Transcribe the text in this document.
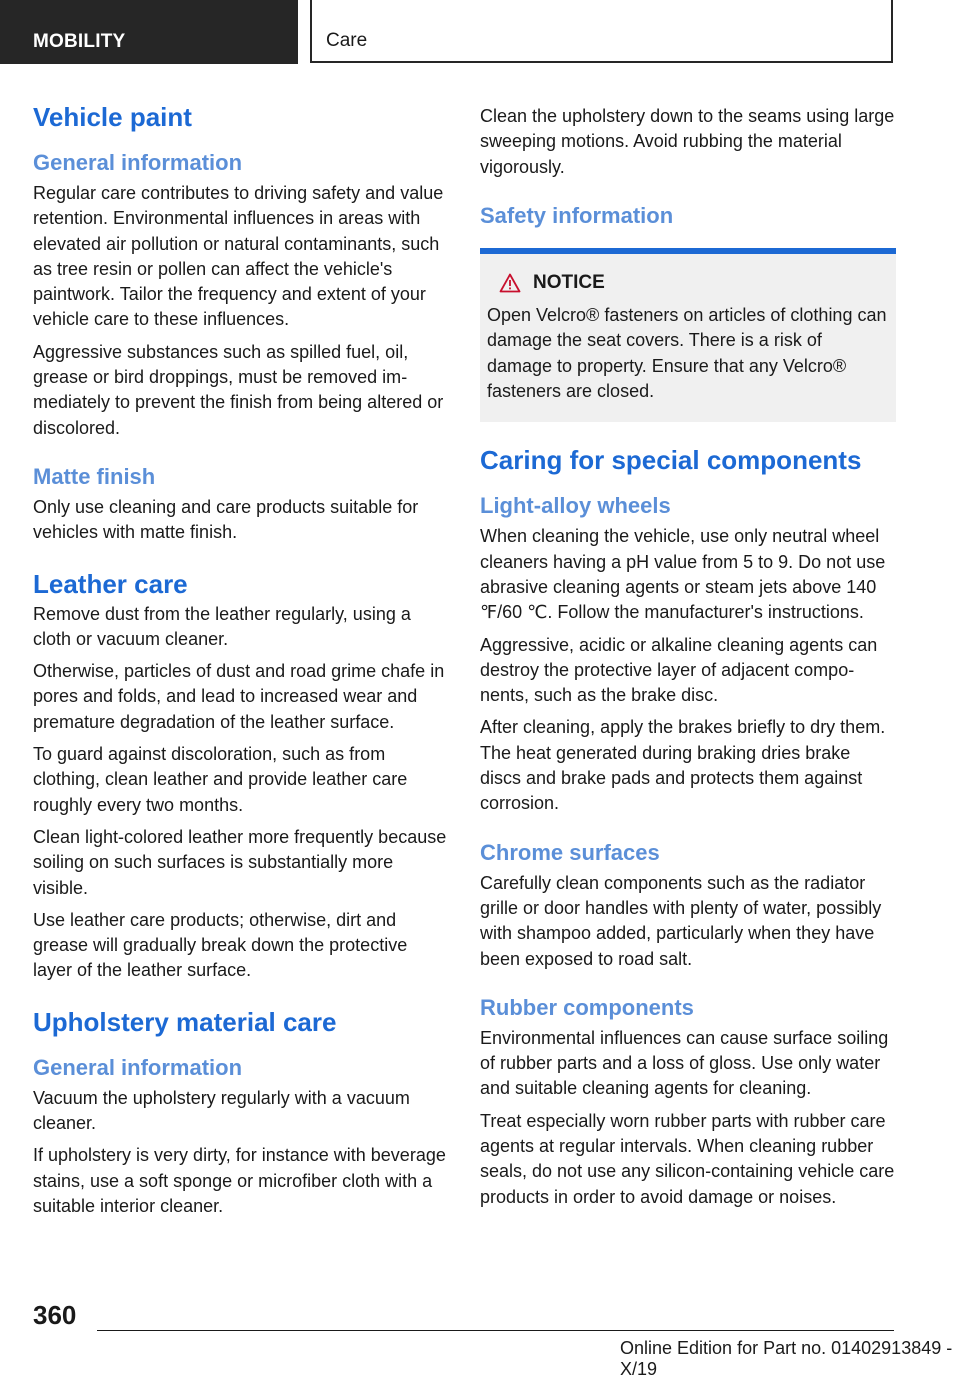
MOBILITY	Care
Vehicle paint
General information

Regular care contributes to driving safety and value retention. Environmental influences in areas with elevated air pollution or natural contaminants, such as tree resin or pollen can affect the vehicle's paintwork. Tailor the frequency and extent of your vehicle care to these influences.

Aggressive substances such as spilled fuel, oil, grease or bird droppings, must be removed immediately to prevent the finish from being altered or discolored.

Matte finish

Only use cleaning and care products suitable for vehicles with matte finish.

Leather care

Remove dust from the leather regularly, using a cloth or vacuum cleaner.

Otherwise, particles of dust and road grime chafe in pores and folds, and lead to increased wear and premature degradation of the leather surface.

To guard against discoloration, such as from clothing, clean leather and provide leather care roughly every two months.

Clean light-colored leather more frequently because soiling on such surfaces is substantially more visible.

Use leather care products; otherwise, dirt and grease will gradually break down the protective layer of the leather surface.

Upholstery material care
General information

Vacuum the upholstery regularly with a vacuum cleaner.

If upholstery is very dirty, for instance with beverage stains, use a soft sponge or microfiber cloth with a suitable interior cleaner.

Clean the upholstery down to the seams using large sweeping motions. Avoid rubbing the material vigorously.

Safety information
NOTICE

Open Velcro® fasteners on articles of clothing can damage the seat covers. There is a risk of damage to property. Ensure that any Velcro® fasteners are closed.

Caring for special components
Light-alloy wheels

When cleaning the vehicle, use only neutral wheel cleaners having a pH value from 5 to 9. Do not use abrasive cleaning agents or steam jets above 140 ℉/60 ℃. Follow the manufacturer's instructions.

Aggressive, acidic or alkaline cleaning agents can destroy the protective layer of adjacent components, such as the brake disc.

After cleaning, apply the brakes briefly to dry them. The heat generated during braking dries brake discs and brake pads and protects them against corrosion.

Chrome surfaces

Carefully clean components such as the radiator grille or door handles with plenty of water, possibly with shampoo added, particularly when they have been exposed to road salt.

Rubber components

Environmental influences can cause surface soiling of rubber parts and a loss of gloss. Use only water and suitable cleaning agents for cleaning.

Treat especially worn rubber parts with rubber care agents at regular intervals. When cleaning rubber seals, do not use any silicon-containing vehicle care products in order to avoid damage or noises.

360
Online Edition for Part no. 01402913849 - X/19
